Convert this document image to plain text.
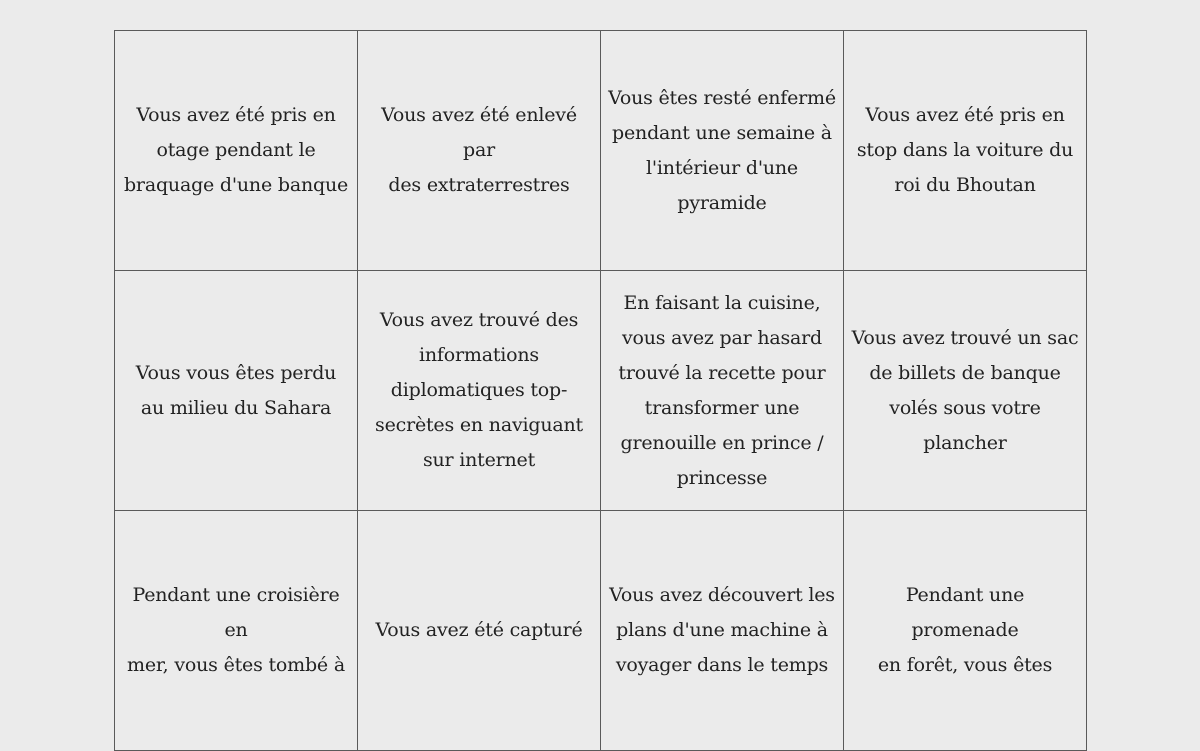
Vous avez été pris en
otage pendant le
braquage d'une banque
Vous avez été enlevé par
des extraterrestres
Vous êtes resté enfermé
pendant une semaine à
l'intérieur d'une
pyramide
Vous avez été pris en
stop dans la voiture du
roi du Bhoutan
Vous vous êtes perdu
au milieu du Sahara
Vous avez trouvé des
informations
diplomatiques top-
secrètes en naviguant
sur internet
En faisant la cuisine,
vous avez par hasard
trouvé la recette pour
transformer une
grenouille en prince /
princesse
Vous avez trouvé un sac
de billets de banque
volés sous votre
plancher
Pendant une croisière en
mer, vous êtes tombé à
Vous avez été capturé
Vous avez découvert les
plans d'une machine à
voyager dans le temps
Pendant une promenade
en forêt, vous êtes
